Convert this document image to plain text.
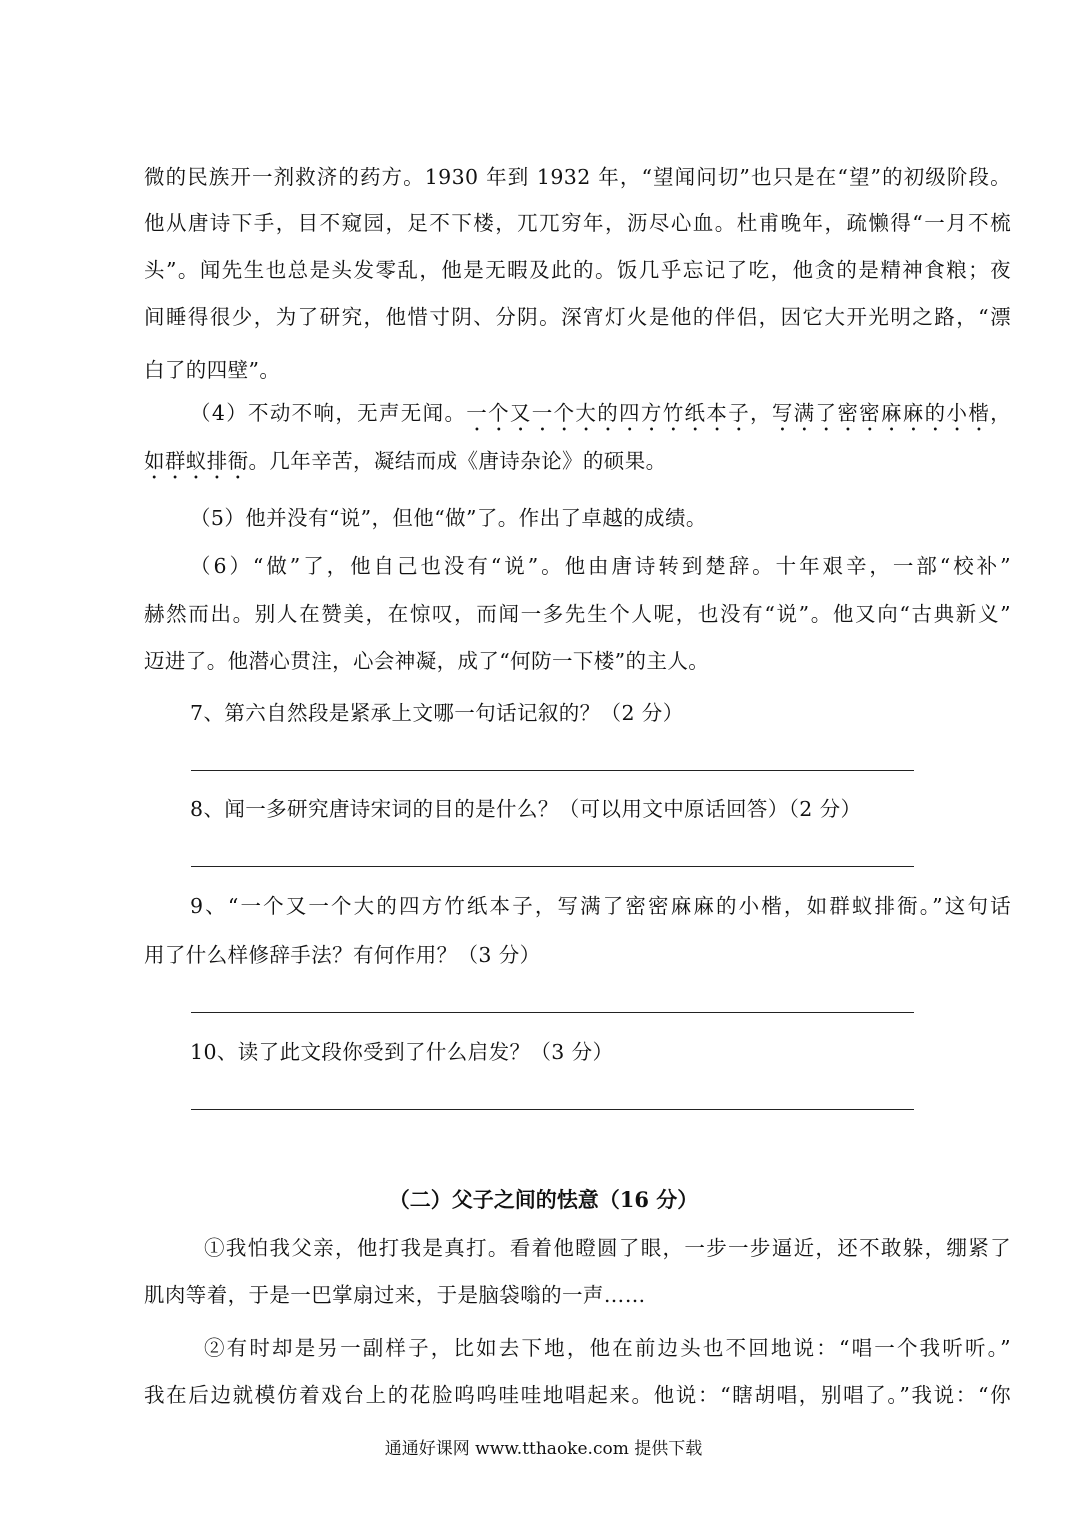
微的民族开一剂救济的药方。1930 年到 1932 年，“望闻问切”也只是在“望”的初级阶段。
他从唐诗下手，目不窥园，足不下楼，兀兀穷年，沥尽心血。杜甫晚年，疏懒得“一月不梳
头”。闻先生也总是头发零乱，他是无暇及此的。饭几乎忘记了吃，他贪的是精神食粮；夜
间睡得很少，为了研究，他惜寸阴、分阴。深宵灯火是他的伴侣，因它大开光明之路，“漂
白了的四壁”。
（4）不动不响，无声无闻。一个又一个大的四方竹纸本子，写满了密密麻麻的小楷，
如群蚁排衙。几年辛苦，凝结而成《唐诗杂论》的硕果。
（5）他并没有“说”，但他“做”了。作出了卓越的成绩。
（6）“做”了，他自己也没有“说”。他由唐诗转到楚辞。十年艰辛，一部“校补”
赫然而出。别人在赞美，在惊叹，而闻一多先生个人呢，也没有“说”。他又向“古典新义”
迈进了。他潜心贯注，心会神凝，成了“何防一下楼”的主人。
7、第六自然段是紧承上文哪一句话记叙的？（2 分）
8、闻一多研究唐诗宋词的目的是什么？（可以用文中原话回答）（2 分）
9、“一个又一个大的四方竹纸本子，写满了密密麻麻的小楷，如群蚁排衙。”这句话
用了什么样修辞手法？有何作用？（3 分）
10、读了此文段你受到了什么启发？（3 分）
（二）父子之间的怯意（16 分）
①我怕我父亲，他打我是真打。看着他瞪圆了眼，一步一步逼近，还不敢躲，绷紧了
肌肉等着，于是一巴掌扇过来，于是脑袋嗡的一声……
②有时却是另一副样子，比如去下地，他在前边头也不回地说：“唱一个我听听。”
我在后边就模仿着戏台上的花脸呜呜哇哇地唱起来。他说：“瞎胡唱，别唱了。”我说：“你
通通好课网 www.tthaoke.com 提供下载
